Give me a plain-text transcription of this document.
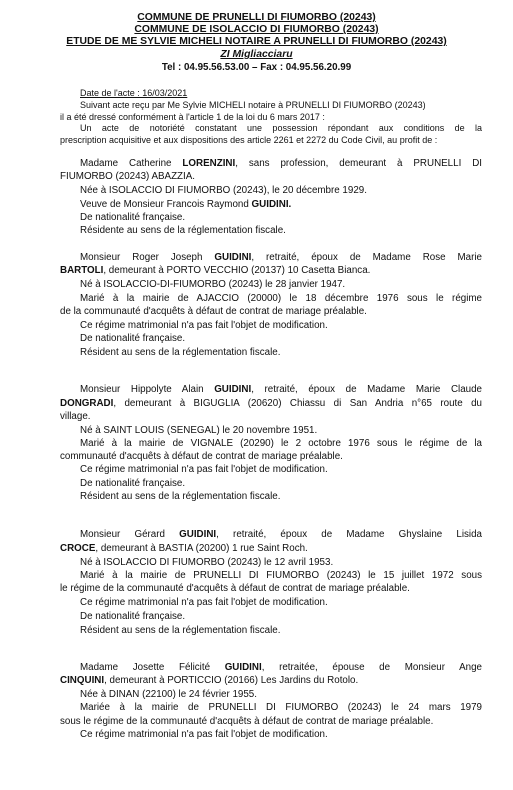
COMMUNE DE PRUNELLI DI FIUMORBO (20243)
COMMUNE DE ISOLACCIO DI FIUMORBO (20243)
ETUDE DE ME SYLVIE MICHELI NOTAIRE A PRUNELLI DI FIUMORBO (20243)
ZI Migliacciaru
Tel : 04.95.56.53.00 – Fax : 04.95.56.20.99
Date de l'acte : 16/03/2021
Suivant acte reçu par Me Sylvie MICHELI notaire à PRUNELLI DI FIUMORBO (20243)
il a été dressé conformément à l'article 1 de la loi du 6 mars 2017 :
Un acte de notoriété constatant une possession répondant aux conditions de la
prescription acquisitive et aux dispositions des article 2261 et 2272 du Code Civil, au profit de :
Madame Catherine LORENZINI, sans profession, demeurant à PRUNELLI DI
FIUMORBO (20243) ABAZZIA.
Née à ISOLACCIO DI FIUMORBO (20243), le 20 décembre 1929.
Veuve de Monsieur Francois Raymond GUIDINI.
De nationalité française.
Résidente au sens de la réglementation fiscale.
Monsieur Roger Joseph GUIDINI, retraité, époux de Madame Rose Marie
BARTOLI, demeurant à PORTO VECCHIO (20137) 10 Casetta Bianca.
Né à ISOLACCIO-DI-FIUMORBO (20243) le 28 janvier 1947.
Marié à la mairie de AJACCIO (20000) le 18 décembre 1976 sous le régime
de la communauté d'acquêts à défaut de contrat de mariage préalable.
Ce régime matrimonial n'a pas fait l'objet de modification.
De nationalité française.
Résident au sens de la réglementation fiscale.
Monsieur Hippolyte Alain GUIDINI, retraité, époux de Madame Marie Claude
DONGRADI, demeurant à BIGUGLIA (20620) Chiassu di San Andria n°65 route du
village.
Né à SAINT LOUIS (SENEGAL) le 20 novembre 1951.
Marié à la mairie de VIGNALE (20290) le 2 octobre 1976 sous le régime de la
communauté d'acquêts à défaut de contrat de mariage préalable.
Ce régime matrimonial n'a pas fait l'objet de modification.
De nationalité française.
Résident au sens de la réglementation fiscale.
Monsieur Gérard GUIDINI, retraité, époux de Madame Ghyslaine Lisida
CROCE, demeurant à BASTIA (20200) 1 rue Saint Roch.
Né à ISOLACCIO DI FIUMORBO (20243) le 12 avril 1953.
Marié à la mairie de PRUNELLI DI FIUMORBO (20243) le 15 juillet 1972 sous
le régime de la communauté d'acquêts à défaut de contrat de mariage préalable.
Ce régime matrimonial n'a pas fait l'objet de modification.
De nationalité française.
Résident au sens de la réglementation fiscale.
Madame Josette Félicité GUIDINI, retraitée, épouse de Monsieur Ange
CINQUINI, demeurant à PORTICCIO (20166) Les Jardins du Rotolo.
Née à DINAN (22100) le 24 février 1955.
Mariée à la mairie de PRUNELLI DI FIUMORBO (20243) le 24 mars 1979
sous le régime de la communauté d'acquêts à défaut de contrat de mariage préalable.
Ce régime matrimonial n'a pas fait l'objet de modification.
